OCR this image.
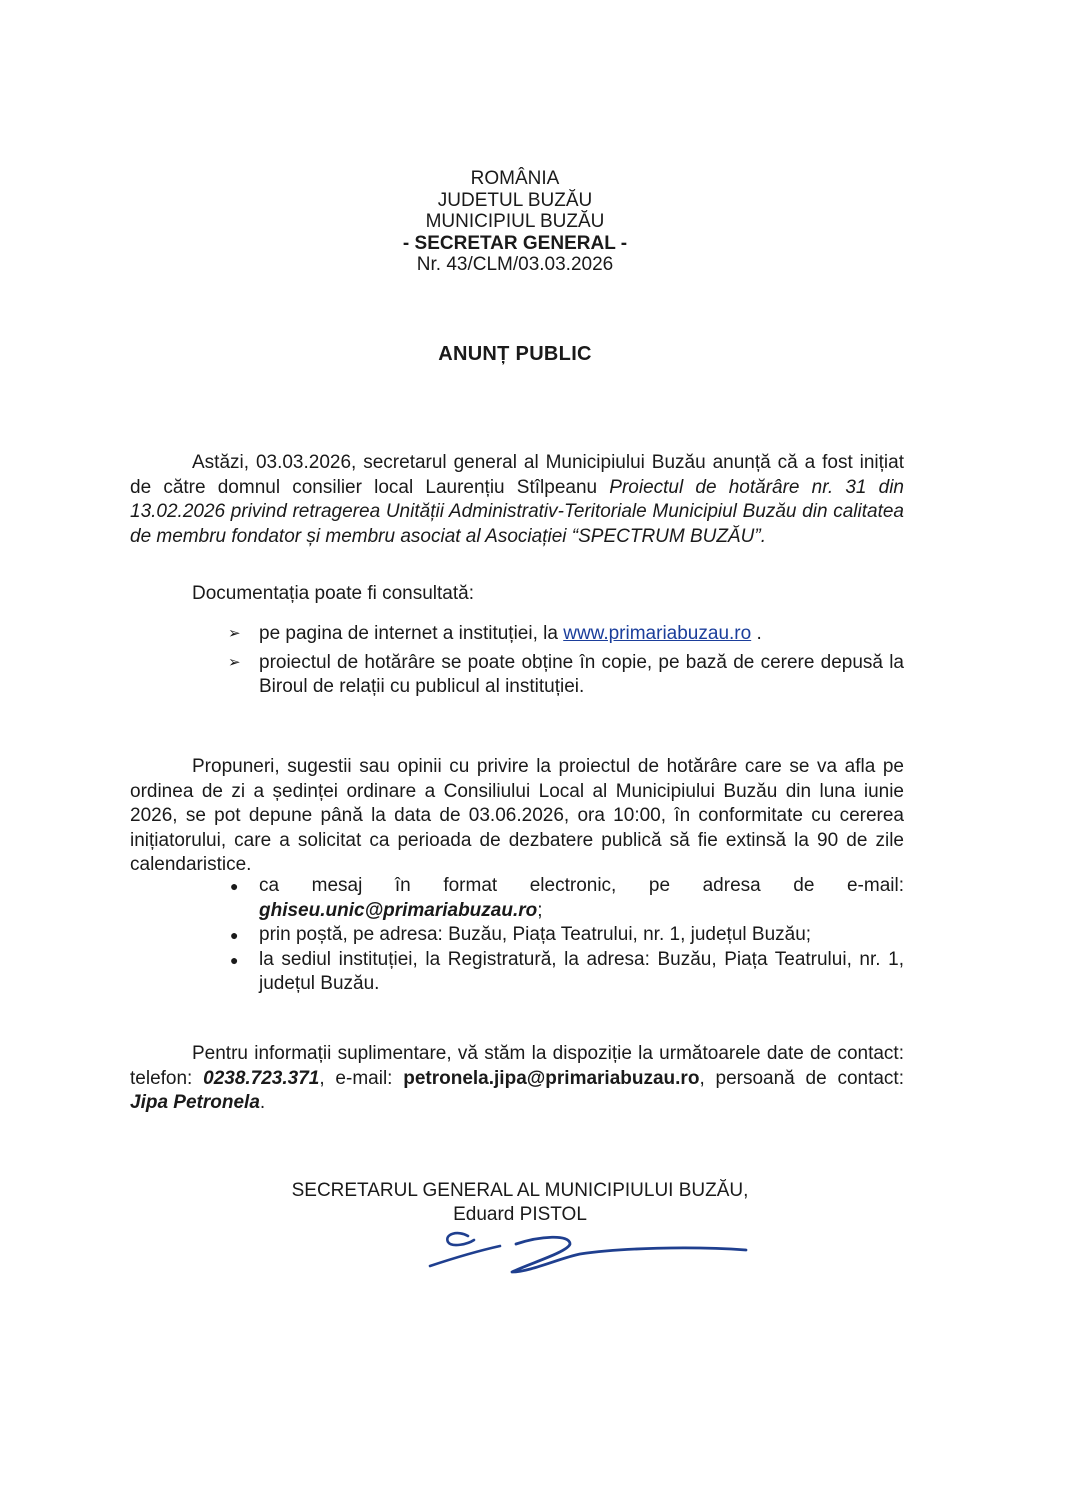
ROMÂNIA
JUDETUL BUZĂU
MUNICIPIUL BUZĂU
- SECRETAR GENERAL -
Nr. 43/CLM/03.03.2026
ANUNȚ PUBLIC
Astăzi, 03.03.2026, secretarul general al Municipiului Buzău anunță că a fost inițiat de către domnul consilier local Laurențiu Stîlpeanu Proiectul de hotărâre nr. 31 din 13.02.2026 privind retragerea Unității Administrativ-Teritoriale Municipiul Buzău din calitatea de membru fondator și membru asociat al Asociației “SPECTRUM BUZĂU”.
Documentația poate fi consultată:
➢ pe pagina de internet a instituției, la www.primariabuzau.ro .
➢ proiectul de hotărâre se poate obține în copie, pe bază de cerere depusă la Biroul de relații cu publicul al instituției.
Propuneri, sugestii sau opinii cu privire la proiectul de hotărâre care se va afla pe ordinea de zi a ședinței ordinare a Consiliului Local al Municipiului Buzău din luna iunie 2026, se pot depune până la data de 03.06.2026, ora 10:00, în conformitate cu cererea inițiatorului, care a solicitat ca perioada de dezbatere publică să fie extinsă la 90 de zile calendaristice.
● ca mesaj în format electronic, pe adresa de e-mail:
ghiseu.unic@primariabuzau.ro;
● prin poștă, pe adresa: Buzău, Piața Teatrului, nr. 1, județul Buzău;
● la sediul instituției, la Registratură, la adresa: Buzău, Piața Teatrului, nr. 1, județul Buzău.
Pentru informații suplimentare, vă stăm la dispoziție la următoarele date de contact: telefon: 0238.723.371, e-mail: petronela.jipa@primariabuzau.ro, persoană de contact: Jipa Petronela.
SECRETARUL GENERAL AL MUNICIPIULUI BUZĂU,
Eduard PISTOL
